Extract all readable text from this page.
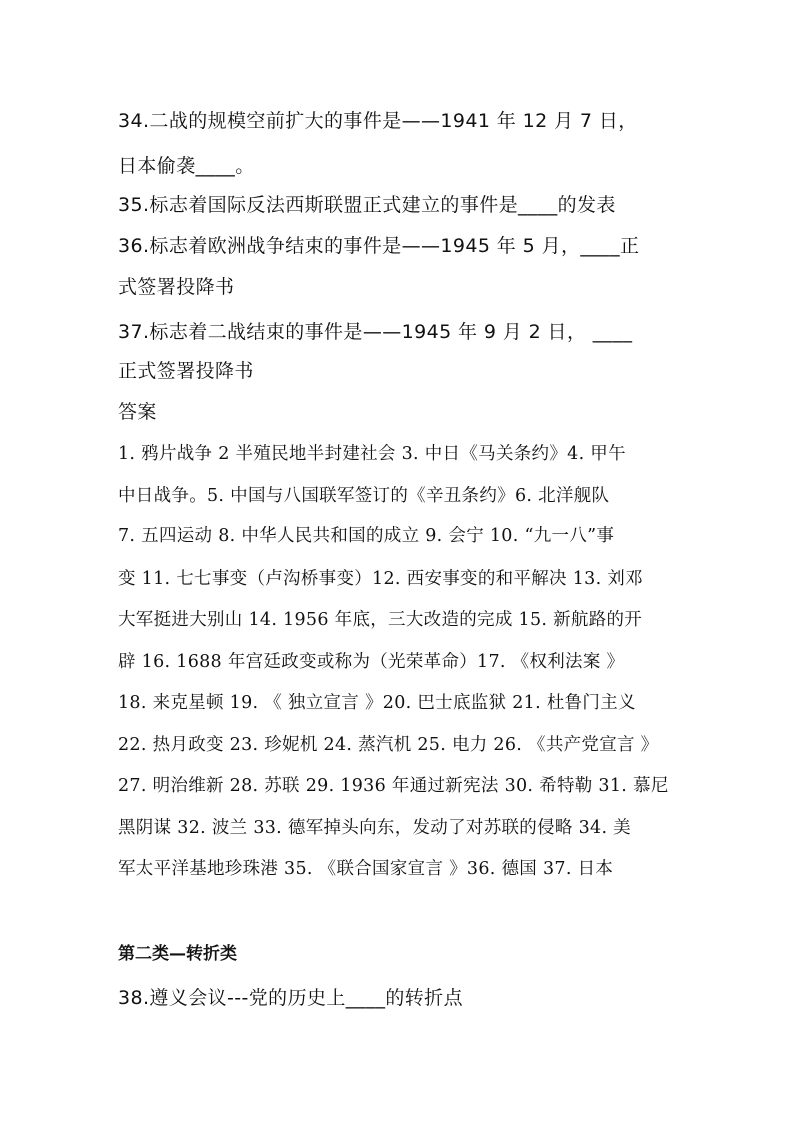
34.二战的规模空前扩大的事件是——1941 年 12 月 7 日，
日本偷袭____。
35.标志着国际反法西斯联盟正式建立的事件是____的发表
36.标志着欧洲战争结束的事件是——1945 年 5 月，____正
式签署投降书
37.标志着二战结束的事件是——1945 年 9 月 2 日， ____
正式签署投降书
答案
1. 鸦片战争 2 半殖民地半封建社会 3. 中日《马关条约》4. 甲午
中日战争。5. 中国与八国联军签订的《辛丑条约》6. 北洋舰队
7. 五四运动 8. 中华人民共和国的成立 9. 会宁 10. “九一八”事
变 11. 七七事变（卢沟桥事变）12. 西安事变的和平解决 13. 刘邓
大军挺进大别山 14. 1956 年底，三大改造的完成 15. 新航路的开
辟 16. 1688 年宫廷政变或称为（光荣革命）17. 《权利法案 》
18. 来克星顿 19. 《 独立宣言 》20. 巴士底监狱 21. 杜鲁门主义
22. 热月政变 23. 珍妮机 24. 蒸汽机 25. 电力 26. 《共产党宣言 》
27. 明治维新 28. 苏联 29. 1936 年通过新宪法 30. 希特勒 31. 慕尼
黑阴谋 32. 波兰 33. 德军掉头向东，发动了对苏联的侵略 34. 美
军太平洋基地珍珠港 35. 《联合国家宣言 》36. 德国 37. 日本
第二类—转折类
38.遵义会议---党的历史上____的转折点
